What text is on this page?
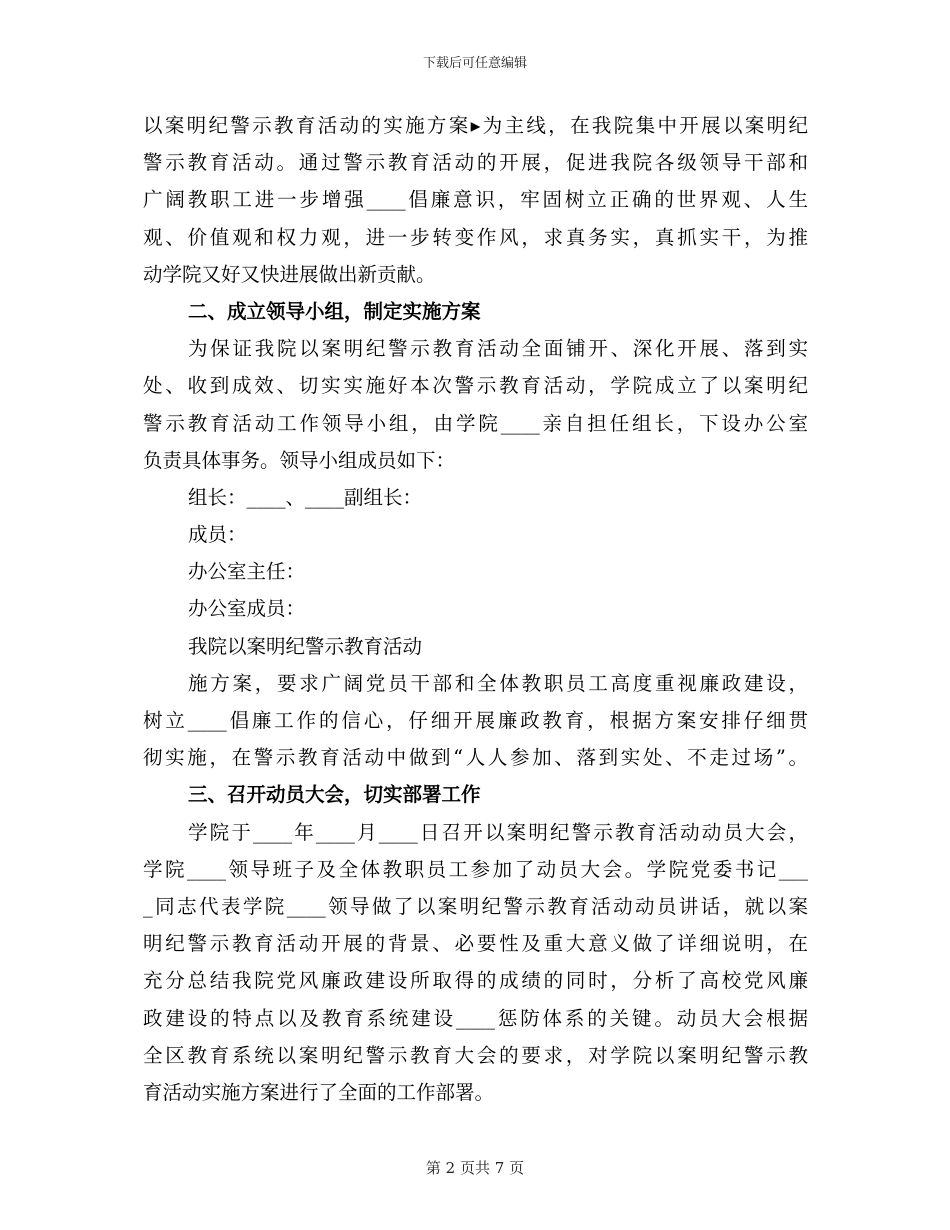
下载后可任意编辑
以案明纪警示教育活动的实施方案▸为主线，在我院集中开展以案明纪
警示教育活动。通过警示教育活动的开展，促进我院各级领导干部和
广阔教职工进一步增强____倡廉意识，牢固树立正确的世界观、人生
观、价值观和权力观，进一步转变作风，求真务实，真抓实干，为推
动学院又好又快进展做出新贡献。
二、成立领导小组，制定实施方案
为保证我院以案明纪警示教育活动全面铺开、深化开展、落到实
处、收到成效、切实实施好本次警示教育活动，学院成立了以案明纪
警示教育活动工作领导小组，由学院____亲自担任组长，下设办公室
负责具体事务。领导小组成员如下：
组长：____、____副组长：
成员：
办公室主任：
办公室成员：
我院以案明纪警示教育活动
施方案，要求广阔党员干部和全体教职员工高度重视廉政建设，
树立____倡廉工作的信心，仔细开展廉政教育，根据方案安排仔细贯
彻实施，在警示教育活动中做到“人人参加、落到实处、不走过场”。
三、召开动员大会，切实部署工作
学院于____年____月____日召开以案明纪警示教育活动动员大会，
学院____领导班子及全体教职员工参加了动员大会。学院党委书记___
_同志代表学院____领导做了以案明纪警示教育活动动员讲话，就以案
明纪警示教育活动开展的背景、必要性及重大意义做了详细说明，在
充分总结我院党风廉政建设所取得的成绩的同时，分析了高校党风廉
政建设的特点以及教育系统建设____惩防体系的关键。动员大会根据
全区教育系统以案明纪警示教育大会的要求，对学院以案明纪警示教
育活动实施方案进行了全面的工作部署。
第 2 页共 7 页
